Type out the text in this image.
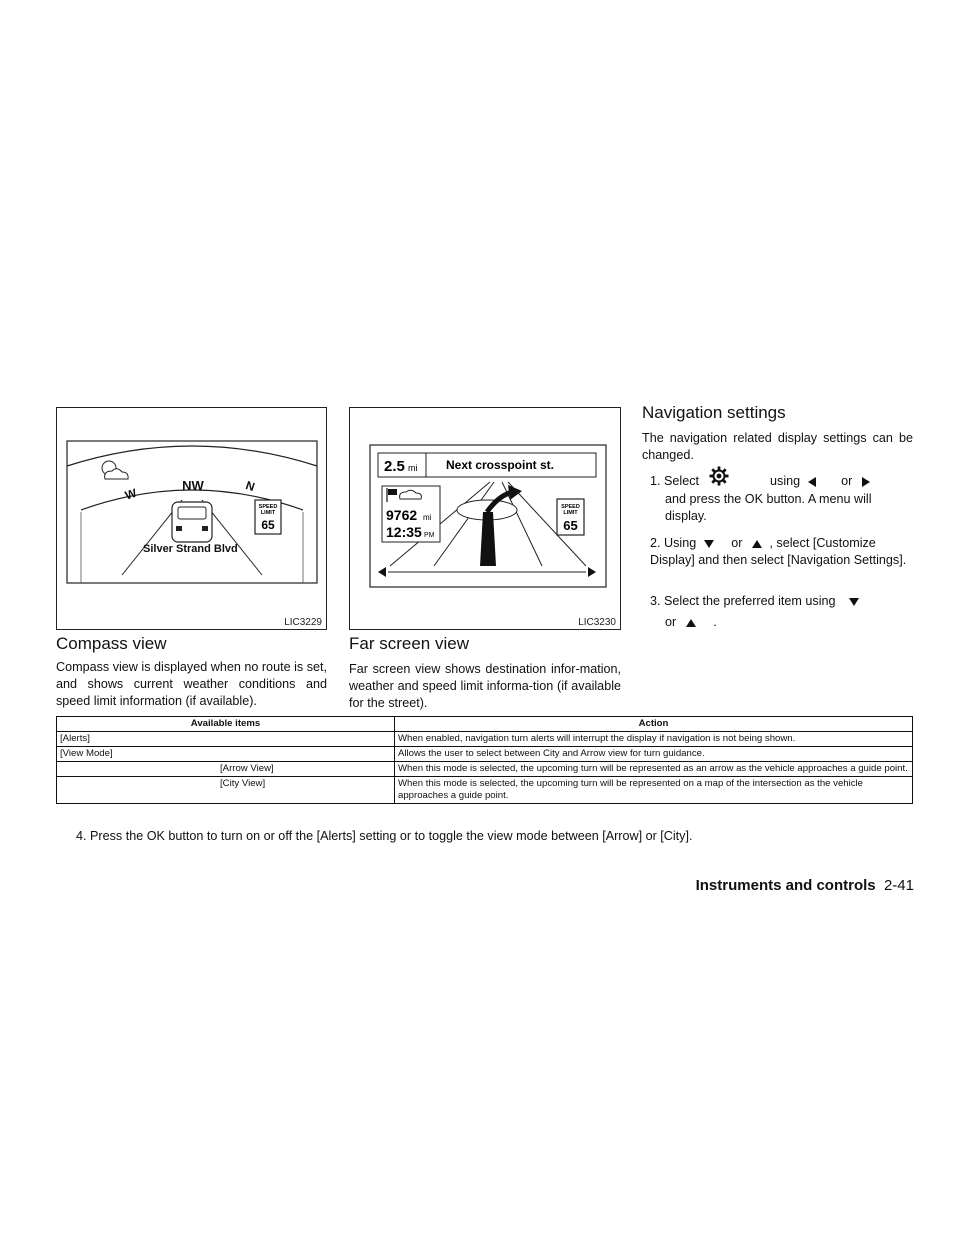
NW
W	N
Silver Strand Blvd
SPEED
LIMIT
65
LIC3229
2.5 mi Next crosspoint st.
9762 mi
12:35 PM
SPEED
LIMIT
65
LIC3230
Compass view

Compass view is displayed when no route is set, and shows current weather conditions and speed limit information (if available).

Far screen view

Far screen view shows destination infor-mation, weather and speed limit informa-tion (if available for the street).

Navigation settings

The navigation related display settings can be changed.

1. Select	using	or
and press the OK button. A menu will display.
2. Using	or , select [Customize Display] and then select [Navigation Settings].
3. Select the preferred item using
or	.
Available items	Action
[Alerts]	When enabled, navigation turn alerts will interrupt the display if navigation is not being shown.
[View Mode]	Allows the user to select between City and Arrow view for turn guidance.

[Arrow View]	When this mode is selected, the upcoming turn will be represented as an arrow as the vehicle approaches a guide point.

[City View]	When this mode is selected, the upcoming turn will be represented on a map of the intersection as the vehicle approaches a guide point.
4. Press the OK button to turn on or off the [Alerts] setting or to toggle the view mode between [Arrow] or [City].
Instruments and controls 2-41
